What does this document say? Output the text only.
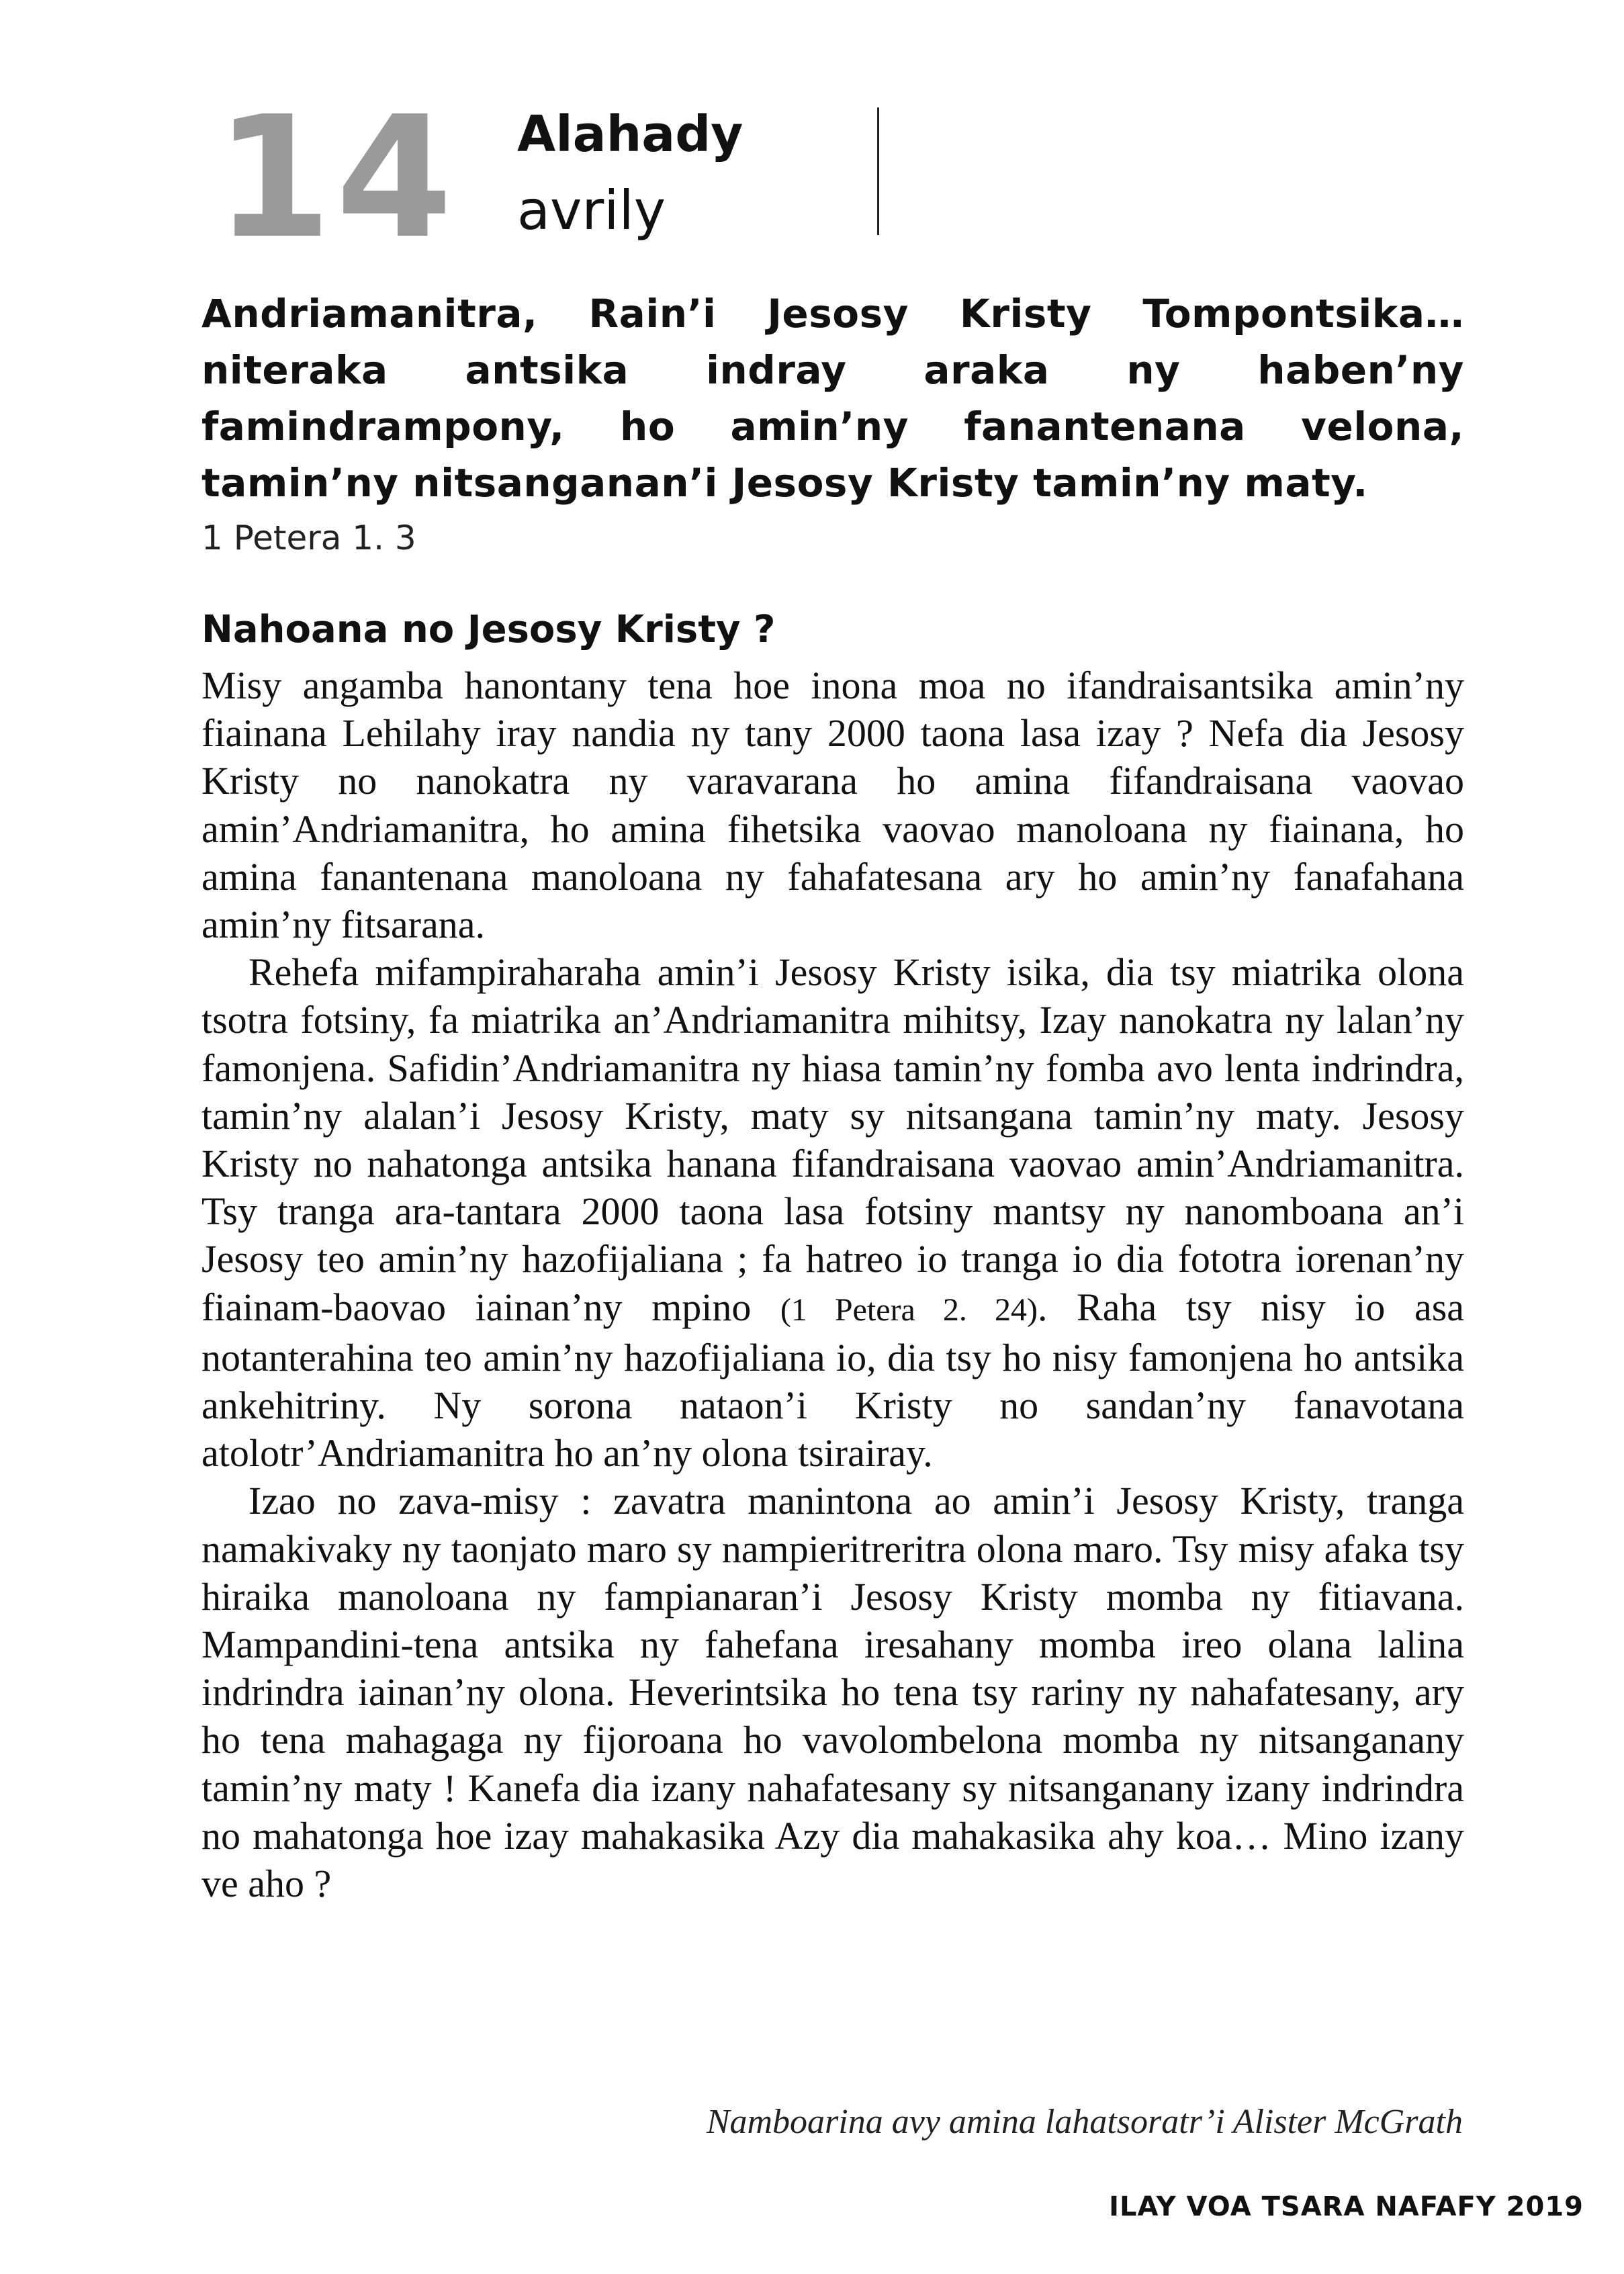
14 Alahady
avrily
Andriamanitra, Rain’i Jesosy Kristy Tompontsika… niteraka antsika indray araka ny haben’ny famindrampony, ho amin’ny fanantenana velona, tamin’ny nitsanganan’i Jesosy Kristy tamin’ny maty.
1 Petera 1. 3
Nahoana no Jesosy Kristy ?

Misy angamba hanontany tena hoe inona moa no ifandraisantsika amin’ny fiainana Lehilahy iray nandia ny tany 2000 taona lasa izay ? Nefa dia Jesosy Kristy no nanokatra ny varavarana ho amina fifandraisana vaovao amin’Andriamanitra, ho amina fihetsika vaovao manoloana ny fiainana, ho amina fanantenana manoloana ny fahafatesana ary ho amin’ny fanafahana amin’ny fitsarana.

Rehefa mifampiraharaha amin’i Jesosy Kristy isika, dia tsy miatrika olona tsotra fotsiny, fa miatrika an’Andriamanitra mihitsy, Izay nanokatra ny lalan’ny famonjena. Safidin’Andriamanitra ny hiasa tamin’ny fomba avo lenta indrindra, tamin’ny alalan’i Jesosy Kristy, maty sy nitsangana tamin’ny maty. Jesosy Kristy no nahatonga antsika hanana fifandraisana vaovao amin’Andriamanitra. Tsy tranga ara-tantara 2000 taona lasa fotsiny mantsy ny nanomboana an’i Jesosy teo amin’ny hazofijaliana ; fa hatreo io tranga io dia fototra iorenan’ny fiainam-baovao iainan’ny mpino (1 Petera 2. 24). Raha tsy nisy io asa notanterahina teo amin’ny hazofijaliana io, dia tsy ho nisy famonjena ho antsika ankehitriny. Ny sorona nataon’i Kristy no sandan’ny fanavotana atolotr’Andriamanitra ho an’ny olona tsirairay.

Izao no zava-misy : zavatra manintona ao amin’i Jesosy Kristy, tranga namakivaky ny taonjato maro sy nampieritreritra olona maro. Tsy misy afaka tsy hiraika manoloana ny fampianaran’i Jesosy Kristy momba ny fitiavana. Mampandini-tena antsika ny fahefana iresahany momba ireo olana lalina indrindra iainan’ny olona. Heverintsika ho tena tsy rariny ny nahafatesany, ary ho tena mahagaga ny fijoroana ho vavolombelona momba ny nitsanganany tamin’ny maty ! Kanefa dia izany nahafatesany sy nitsanganany izany indrindra no mahatonga hoe izay mahakasika Azy dia mahakasika ahy koa… Mino izany ve aho ?

Namboarina avy amina lahatsoratr’i Alister McGrath
ILAY VOA TSARA NAFAFY 2019
